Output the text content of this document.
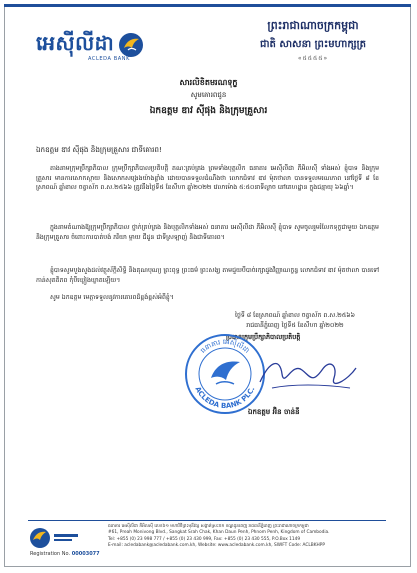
អេស៊ីលីដា
ACLEDA BANK
ព្រះរាជាណាចក្រកម្ពុជា
ជាតិ សាសនា ព្រះមហាក្សត្រ
«៥៥៥៥»
សារលិខិតមរណទុក្ខ
សូមគោរពជូន
ឯកឧត្តម ឌាវ ស៊ីផុង និងក្រុមគ្រួសារ
ឯកឧត្តម ឌាវ ស៊ីផុង និងក្រុមគ្រួសារ ជាទីគោរព!
តាងនាមក្រុមប្រឹក្សាភិបាល ក្រុមប្រឹក្សាភិបាលប្រតិបត្តិ គណៈគ្រប់គ្រង ព្រមទាំងបុគ្គលិក ធនាគារ អេស៊ីលីដា ភីអិលស៊ី ទាំងអស់ ខ្ញុំបាទ និងក្រុមគ្រួសារ មានការសោកស្តាយ និងសោកសង្រេងយ៉ាងខ្លាំង ដោយបានទទួលដំណឹងថា លោកជំទាវ ឌាវ ម៉ុតថាលា បានទទួលមរណភាព នៅថ្ងៃទី ៨ ខែស្រាពណ៍ ឆ្នាំខាល ចត្វាស័ក ព.ស.២៥៦៦ ត្រូវនឹងថ្ងៃទី៥ ខែសីហា ឆ្នាំ២០២២ វេលាម៉ោង ៥:៥០នាទីល្ងាច នៅគេហដ្ឋាន ក្នុងជន្មាយុ ៦៦ឆ្នាំ។
ក្នុងនាមតំណាងឱ្យក្រុមប្រឹក្សាភិបាល ថ្នាក់គ្រប់គ្រង និងបុគ្គលិកទាំងអស់ ធនាគារ អេស៊ីលីដា ភីអិលស៊ី ខ្ញុំបាទ សូមចូលរួមរំលែកទុក្ខជាមួយ ឯកឧត្តម និងក្រុមគ្រួសារ ចំពោះការបាត់បង់ ភរិយា ម្តាយ ជីដូន ជាទីស្រឡាញ់ និងជាទីគោរព។
ខ្ញុំបាទសូមបួងសួងដល់វត្ថុស័ក្តិសិទ្ធិ និងគុណបុណ្យ ព្រះពុទ្ធ ព្រះធម៌ ព្រះសង្ឃ តាមជួយបីបាច់រក្សាដួងវិញ្ញាណក្ខន្ធ លោកជំទាវ ឌាវ ម៉ុតថាលា បានទៅកាន់សុគតិភព កុំបីឃ្លៀងឃ្លាតឡើយ។
សូម ឯកឧត្តម មេត្តាទទួលនូវការគោរពដ៏ខ្ពង់ខ្ពស់អំពីខ្ញុំ។
ថ្ងៃទី ៨ ខែស្រាពណ៍ ឆ្នាំខាល ចត្វាស័ក ព.ស.២៥៦៦
រាជធានីភ្នំពេញ ថ្ងៃទី៥ ខែសីហា ឆ្នាំ២០២២
ប្រធានក្រុមប្រឹក្សាភិបាលប្រតិបត្តិ
ធនាគារ អេស៊ីលីដា
ACLEDA BANK PLC.
ឯកឧត្តម អ៊ិន ចាន់នី
Registration No. 00003077
ធនាគារ អេស៊ីលីដា ភីអិលស៊ី លេខ៦១ មហាវិថីព្រះមុនីវង្ស សង្កាត់ស្រះចក ខណ្ឌដូនពេញ រាជធានីភ្នំពេញ ព្រះរាជាណាចក្រកម្ពុជា
#61, Preah Monivong Blvd., Sangkat Srah Chak, Khan Daun Penh, Phnom Penh, Kingdom of Cambodia.
Tel: +855 (0) 23 998 777 / +855 (0) 23 430 999, Fax: +855 (0) 23 430 555, P.O.Box 1149
E-mail: acledabank@acledabank.com.kh, Website: www.acledabank.com.kh, SWIFT Code: ACLBKHPP
